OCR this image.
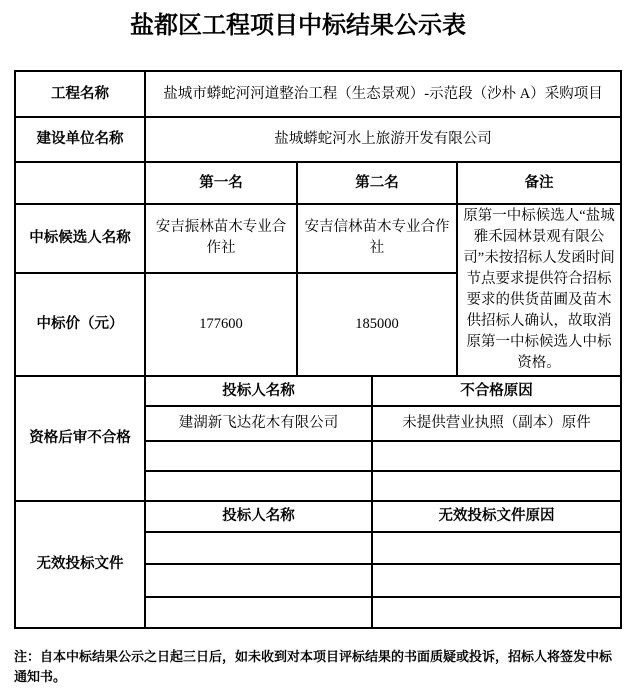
盐都区工程项目中标结果公示表
工程名称	盐城市蟒蛇河河道整治工程（生态景观）-示范段（沙朴 A）采购项目			
建设单位名称	盐城蟒蛇河水上旅游开发有限公司			
	第一名	第二名		备注
中标候选人名称	安吉振林苗木专业合作社	安吉信林苗木专业合作社		原第一中标候选人“盐城雅禾园林景观有限公司”未按招标人发函时间节点要求提供符合招标要求的供货苗圃及苗木供招标人确认，故取消原第一中标候选人中标资格。
中标价（元）	177600	185000		
资格后审不合格	投标人名称		不合格原因	
	建湖新飞达花木有限公司		未提供营业执照（副本）原件	

无效投标文件	投标人名称		无效投标文件原因	

注：自本中标结果公示之日起三日后，如未收到对本项目评标结果的书面质疑或投诉，招标人将签发中标通知书。
